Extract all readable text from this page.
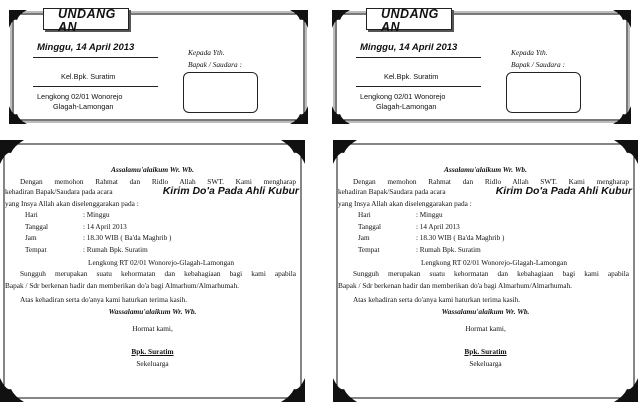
UNDANGAN
Minggu, 14 April 2013	Kepada Yth.
Bapak / Saudara :
Kel.Bpk. Suratim
Lengkong 02/01 Wonorejo
Glagah-Lamongan
UNDANGAN
Minggu, 14 April 2013	Kepada Yth.
Bapak / Saudara :
Kel.Bpk. Suratim
Lengkong 02/01 Wonorejo
Glagah-Lamongan
Assalamu'alaikum Wr. Wb.
Dengan memohon Rahmat dan Ridlo Allah SWT. Kami mengharap
kehadiran Bapak/Saudara pada acara	Kirim Do'a Pada Ahli Kubur
yang Insya Allah akan diselenggarakan pada :
Hari	: Minggu
Tanggal	: 14 April 2013
Jam	: 18.30 WIB ( Ba'da Maghrib )
Tempat	: Rumah Bpk. Suratim
Lengkong RT 02/01 Wonorejo-Glagah-Lamongan
Sungguh merupakan suatu kehormatan dan kebahagiaan bagi kami apabila
Bapak / Sdr berkenan hadir dan memberikan do'a bagi Almarhum/Almarhumah.
Atas kehadiran serta do'anya kami haturkan terima kasih.
Wassalamu'alaikum Wr. Wb.
Hormat kami,
Bpk. Suratim
Sekeluarga
Assalamu'alaikum Wr. Wb.
Dengan memohon Rahmat dan Ridlo Allah SWT. Kami mengharap
kehadiran Bapak/Saudara pada acara	Kirim Do'a Pada Ahli Kubur
yang Insya Allah akan diselenggarakan pada :
Hari	: Minggu
Tanggal	: 14 April 2013
Jam	: 18.30 WIB ( Ba'da Maghrib )
Tempat	: Rumah Bpk. Suratim
Lengkong RT 02/01 Wonorejo-Glagah-Lamongan
Sungguh merupakan suatu kehormatan dan kebahagiaan bagi kami apabila
Bapak / Sdr berkenan hadir dan memberikan do'a bagi Almarhum/Almarhumah.
Atas kehadiran serta do'anya kami haturkan terima kasih.
Wassalamu'alaikum Wr. Wb.
Hormat kami,
Bpk. Suratim
Sekeluarga
